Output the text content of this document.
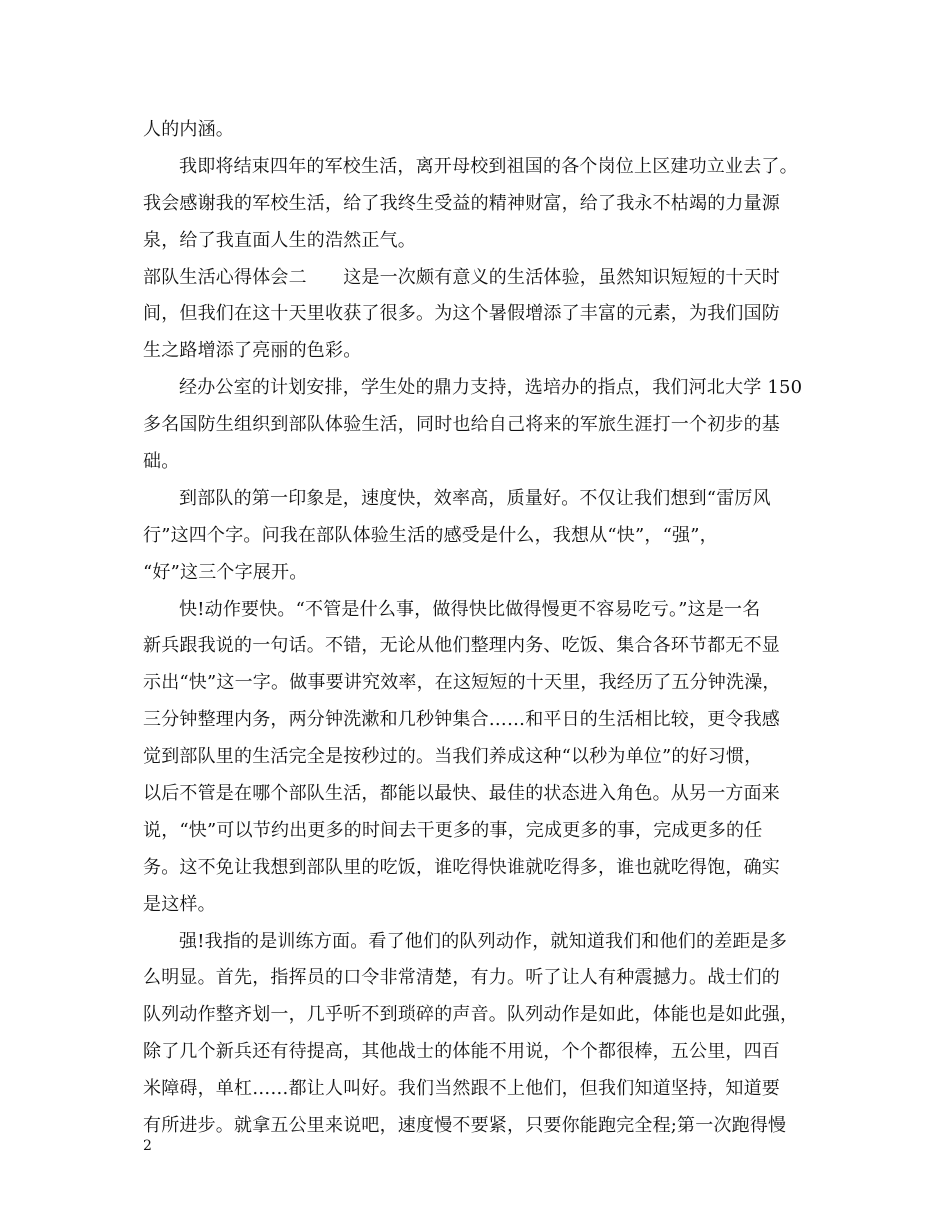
人的内涵。
我即将结束四年的军校生活，离开母校到祖国的各个岗位上区建功立业去了。
我会感谢我的军校生活，给了我终生受益的精神财富，给了我永不枯竭的力量源
泉，给了我直面人生的浩然正气。
部队生活心得体会二　　这是一次颇有意义的生活体验，虽然知识短短的十天时
间，但我们在这十天里收获了很多。为这个暑假增添了丰富的元素，为我们国防
生之路增添了亮丽的色彩。
经办公室的计划安排，学生处的鼎力支持，选培办的指点，我们河北大学 150
多名国防生组织到部队体验生活，同时也给自己将来的军旅生涯打一个初步的基
础。
到部队的第一印象是，速度快，效率高，质量好。不仅让我们想到“雷厉风
行”这四个字。问我在部队体验生活的感受是什么，我想从“快”，“强”，
“好”这三个字展开。
快!动作要快。“不管是什么事，做得快比做得慢更不容易吃亏。”这是一名
新兵跟我说的一句话。不错，无论从他们整理内务、吃饭、集合各环节都无不显
示出“快”这一字。做事要讲究效率，在这短短的十天里，我经历了五分钟洗澡，
三分钟整理内务，两分钟洗漱和几秒钟集合……和平日的生活相比较，更令我感
觉到部队里的生活完全是按秒过的。当我们养成这种“以秒为单位”的好习惯，
以后不管是在哪个部队生活，都能以最快、最佳的状态进入角色。从另一方面来
说，“快”可以节约出更多的时间去干更多的事，完成更多的事，完成更多的任
务。这不免让我想到部队里的吃饭，谁吃得快谁就吃得多，谁也就吃得饱，确实
是这样。
强!我指的是训练方面。看了他们的队列动作，就知道我们和他们的差距是多
么明显。首先，指挥员的口令非常清楚，有力。听了让人有种震撼力。战士们的
队列动作整齐划一，几乎听不到琐碎的声音。队列动作是如此，体能也是如此强，
除了几个新兵还有待提高，其他战士的体能不用说，个个都很棒，五公里，四百
米障碍，单杠……都让人叫好。我们当然跟不上他们，但我们知道坚持，知道要
有所进步。就拿五公里来说吧，速度慢不要紧，只要你能跑完全程;第一次跑得慢
2
